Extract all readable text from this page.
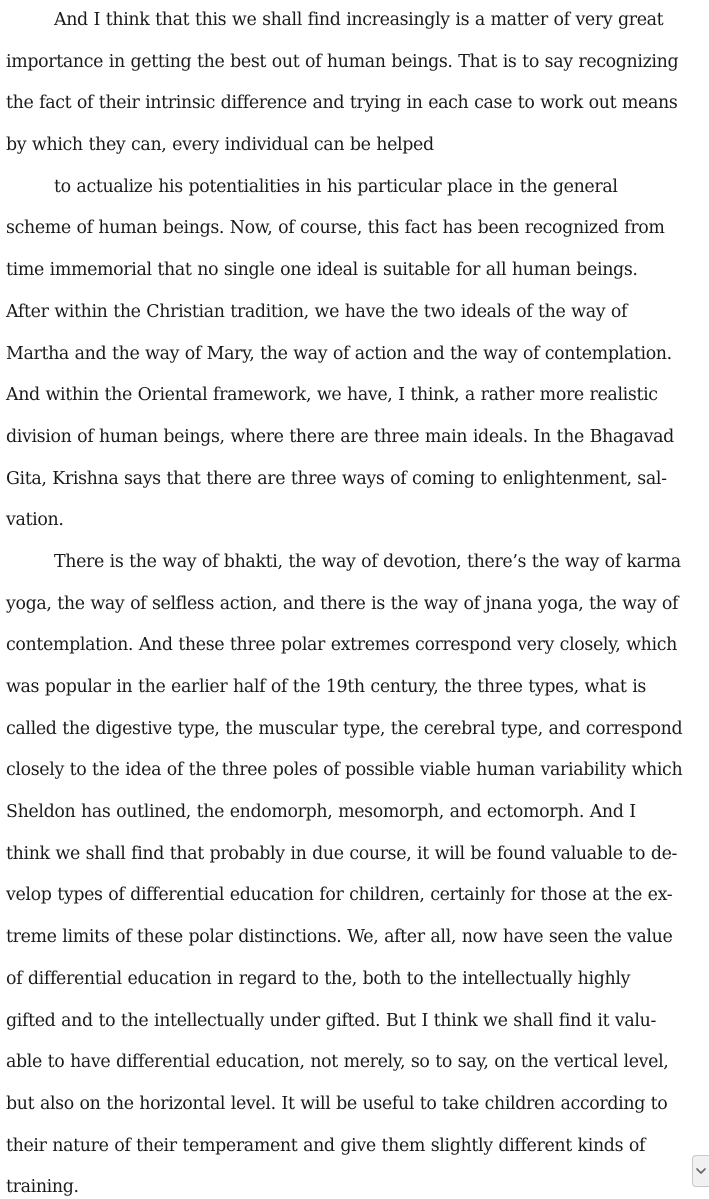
And I think that this we shall find increasingly is a matter of very great
importance in getting the best out of human beings. That is to say recognizing
the fact of their intrinsic difference and trying in each case to work out means
by which they can, every individual can be helped
to actualize his potentialities in his particular place in the general
scheme of human beings. Now, of course, this fact has been recognized from
time immemorial that no single one ideal is suitable for all human beings.
After within the Christian tradition, we have the two ideals of the way of
Martha and the way of Mary, the way of action and the way of contemplation.
And within the Oriental framework, we have, I think, a rather more realistic
division of human beings, where there are three main ideals. In the Bhagavad
Gita, Krishna says that there are three ways of coming to enlightenment, sal-
vation.
There is the way of bhakti, the way of devotion, there’s the way of karma
yoga, the way of selfless action, and there is the way of jnana yoga, the way of
contemplation. And these three polar extremes correspond very closely, which
was popular in the earlier half of the 19th century, the three types, what is
called the digestive type, the muscular type, the cerebral type, and correspond
closely to the idea of the three poles of possible viable human variability which
Sheldon has outlined, the endomorph, mesomorph, and ectomorph. And I
think we shall find that probably in due course, it will be found valuable to de-
velop types of differential education for children, certainly for those at the ex-
treme limits of these polar distinctions. We, after all, now have seen the value
of differential education in regard to the, both to the intellectually highly
gifted and to the intellectually under gifted. But I think we shall find it valu-
able to have differential education, not merely, so to say, on the vertical level,
but also on the horizontal level. It will be useful to take children according to
their nature of their temperament and give them slightly different kinds of
training.
